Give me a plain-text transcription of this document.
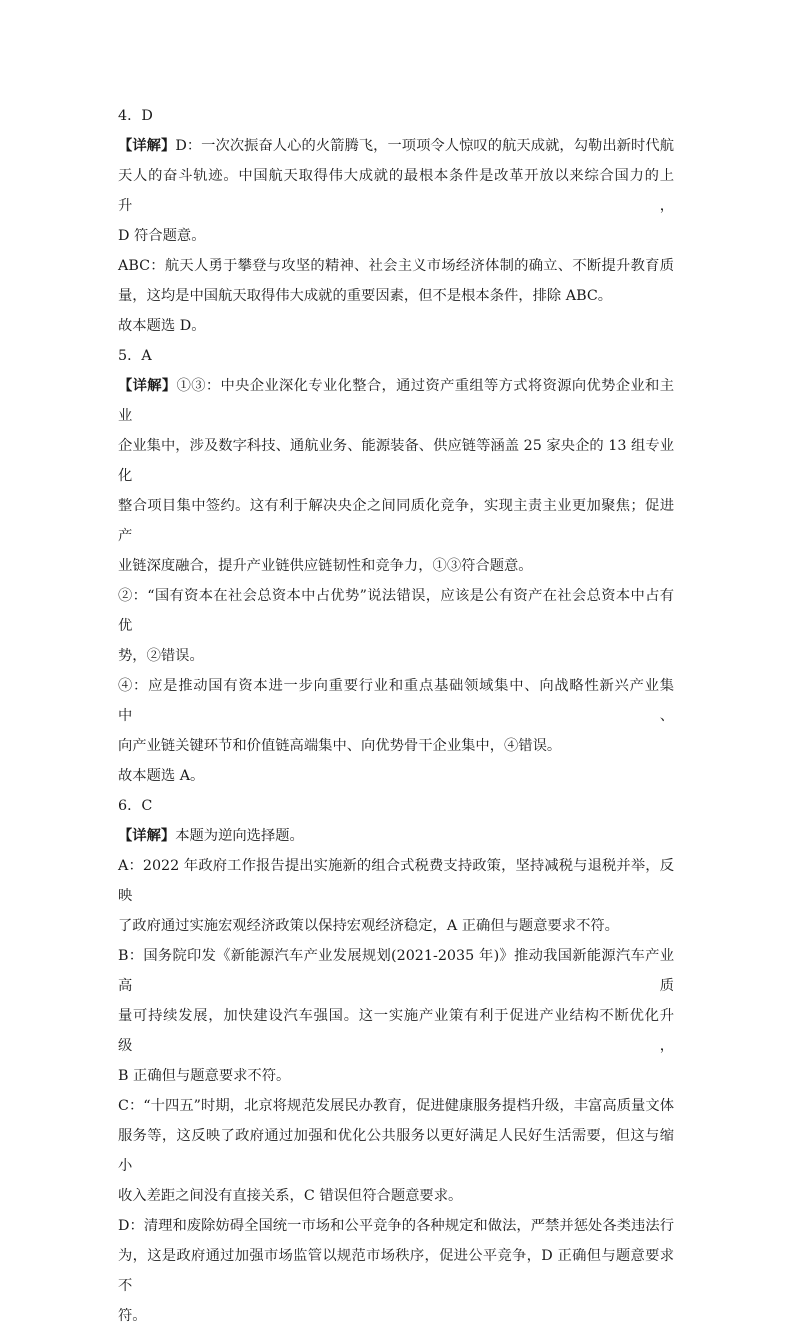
4．D
【详解】D：一次次振奋人心的火箭腾飞，一项项令人惊叹的航天成就，勾勒出新时代航
天人的奋斗轨迹。中国航天取得伟大成就的最根本条件是改革开放以来综合国力的上升，
D 符合题意。
ABC：航天人勇于攀登与攻坚的精神、社会主义市场经济体制的确立、不断提升教育质
量，这均是中国航天取得伟大成就的重要因素，但不是根本条件，排除 ABC。
故本题选 D。
5．A
【详解】①③：中央企业深化专业化整合，通过资产重组等方式将资源向优势企业和主业
企业集中，涉及数字科技、通航业务、能源装备、供应链等涵盖 25 家央企的 13 组专业化
整合项目集中签约。这有利于解决央企之间同质化竞争，实现主责主业更加聚焦；促进产
业链深度融合，提升产业链供应链韧性和竞争力，①③符合题意。
②：“国有资本在社会总资本中占优势”说法错误，应该是公有资产在社会总资本中占有优
势，②错误。
④：应是推动国有资本进一步向重要行业和重点基础领域集中、向战略性新兴产业集中、
向产业链关键环节和价值链高端集中、向优势骨干企业集中，④错误。
故本题选 A。
6．C
【详解】本题为逆向选择题。
A：2022 年政府工作报告提出实施新的组合式税费支持政策，坚持减税与退税并举，反映
了政府通过实施宏观经济政策以保持宏观经济稳定，A 正确但与题意要求不符。
B：国务院印发《新能源汽车产业发展规划(2021-2035 年)》推动我国新能源汽车产业高质
量可持续发展，加快建设汽车强国。这一实施产业策有利于促进产业结构不断优化升级，
B 正确但与题意要求不符。
C：“十四五”时期，北京将规范发展民办教育，促进健康服务提档升级，丰富高质量文体
服务等，这反映了政府通过加强和优化公共服务以更好满足人民好生活需要，但这与缩小
收入差距之间没有直接关系，C 错误但符合题意要求。
D：清理和废除妨碍全国统一市场和公平竞争的各种规定和做法，严禁并惩处各类违法行
为，这是政府通过加强市场监管以规范市场秩序，促进公平竞争，D 正确但与题意要求不
符。
